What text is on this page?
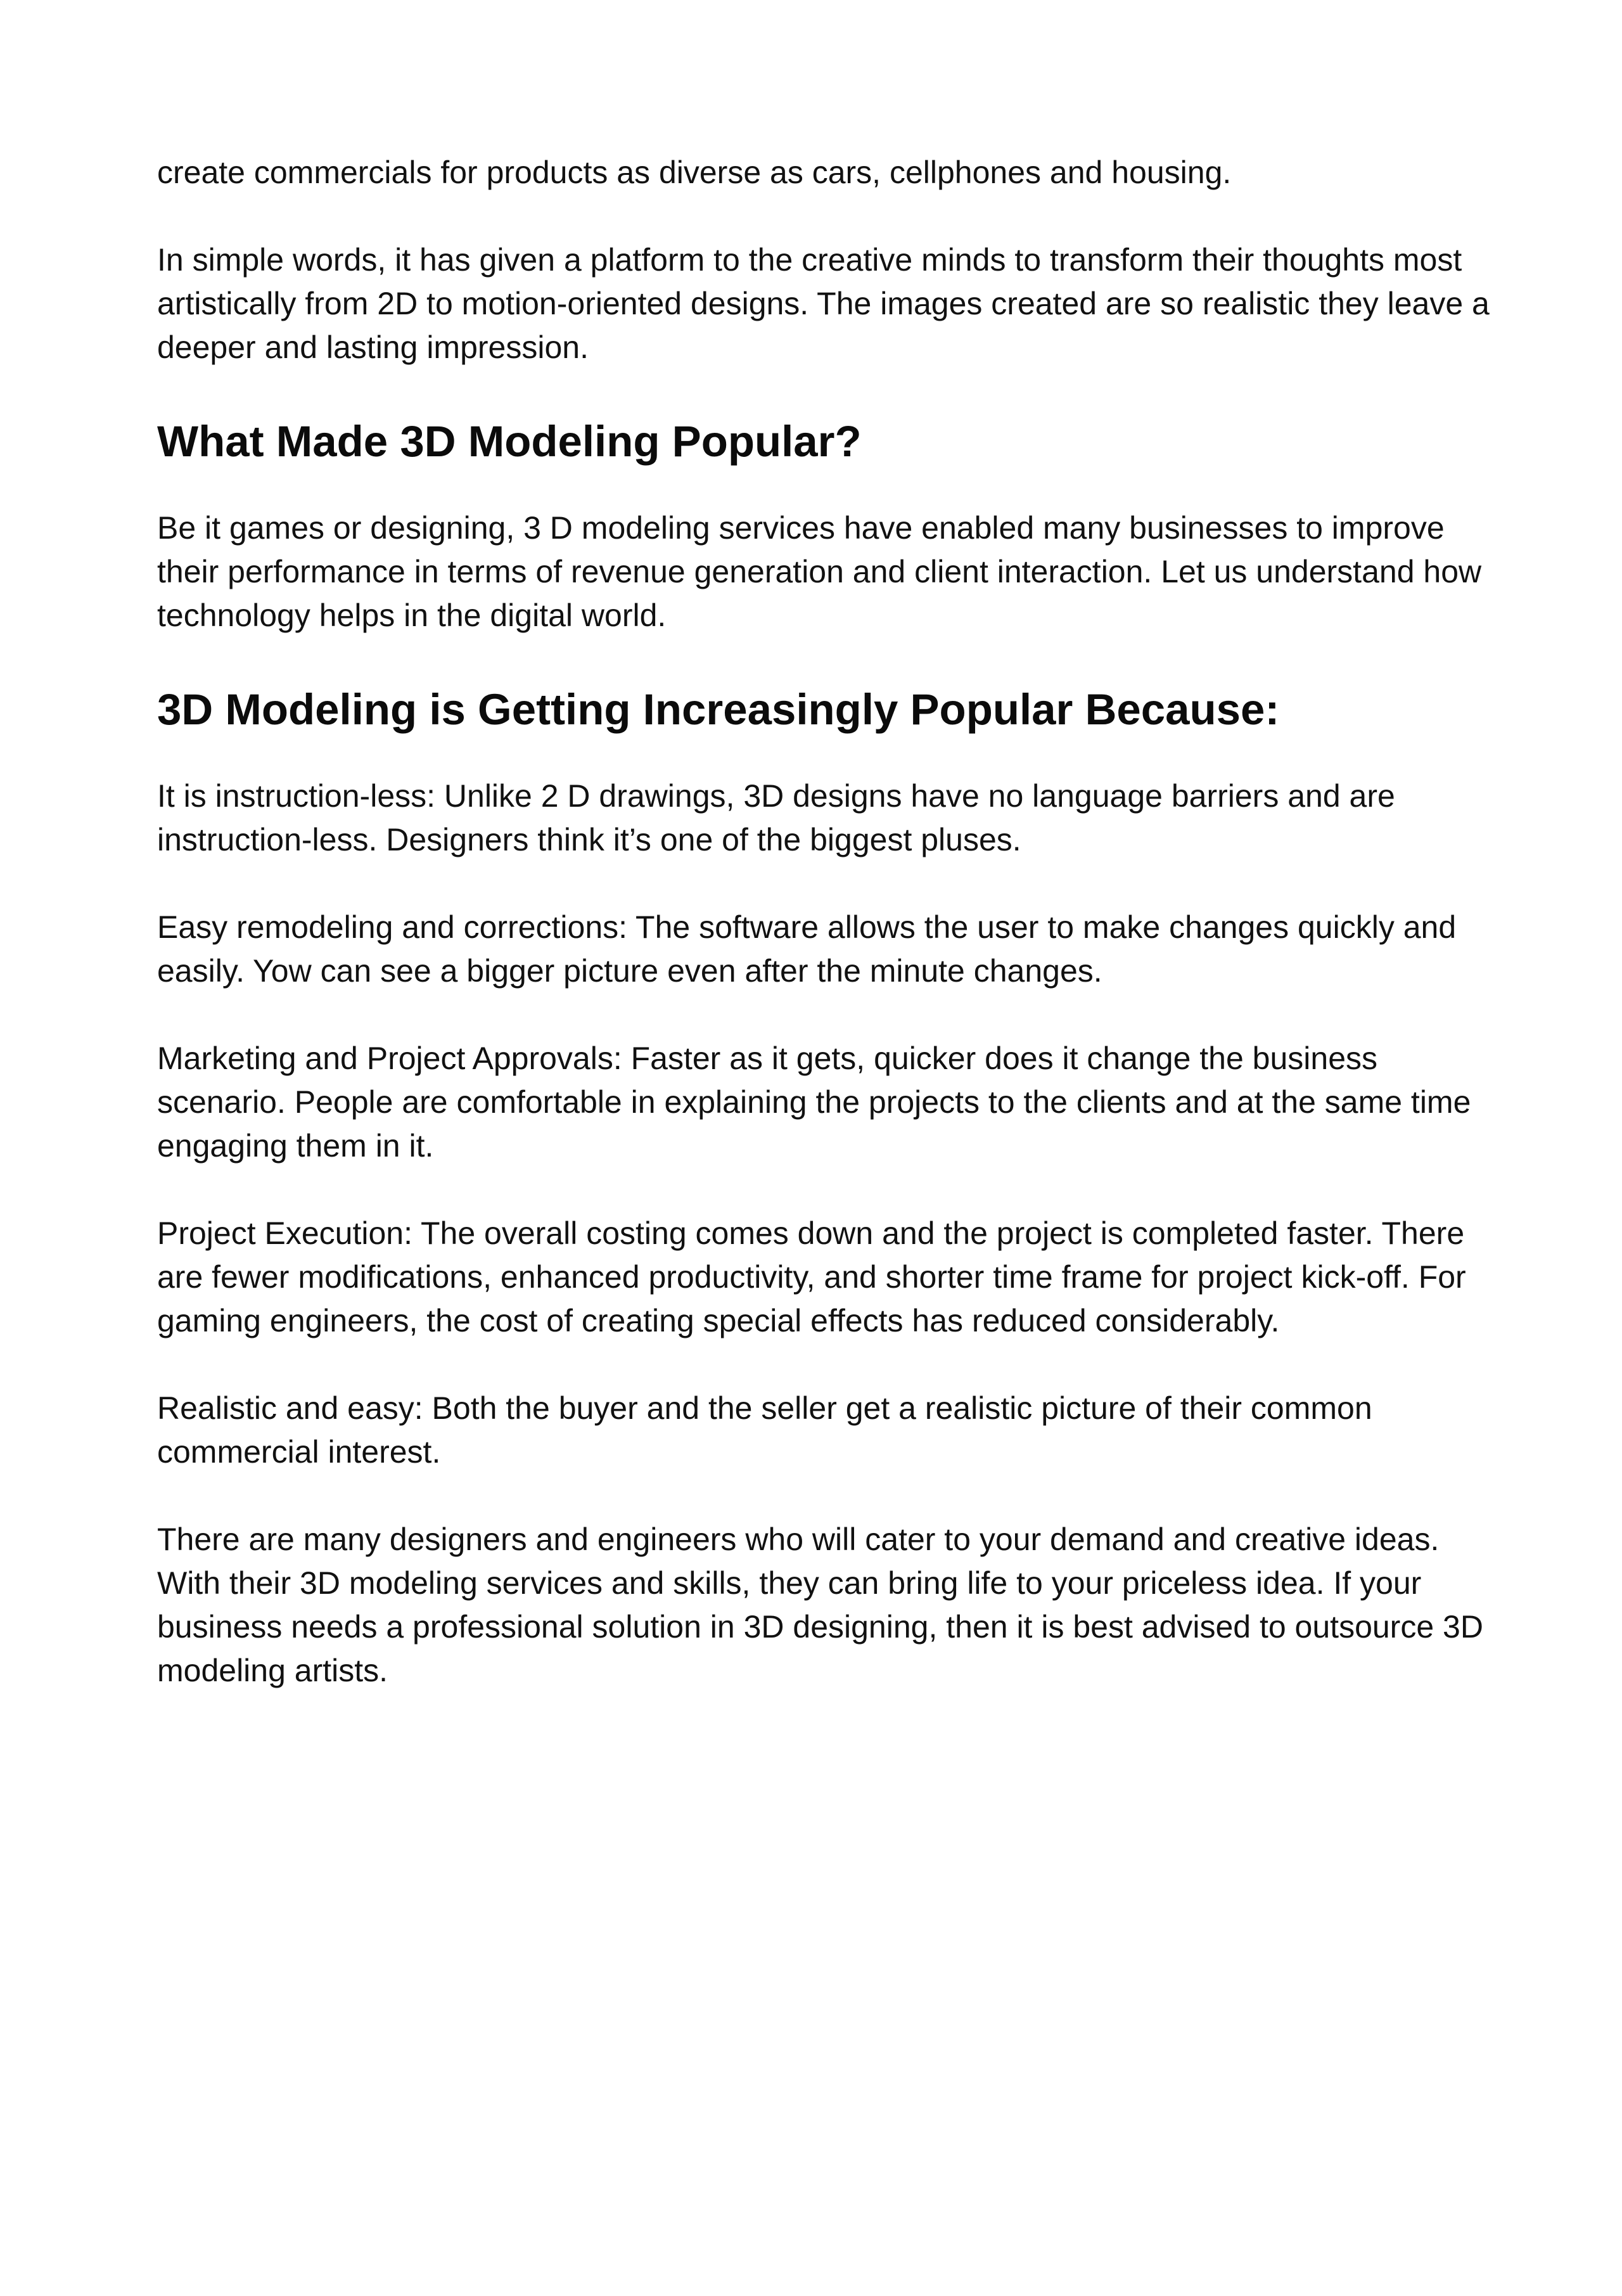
create commercials for products as diverse as cars, cellphones and housing.

In simple words, it has given a platform to the creative minds to transform their thoughts most artistically from 2D to motion-oriented designs. The images created are so realistic they leave a deeper and lasting impression.

What Made 3D Modeling Popular?

Be it games or designing, 3 D modeling services have enabled many businesses to improve their performance in terms of revenue generation and client interaction. Let us understand how technology helps in the digital world.

3D Modeling is Getting Increasingly Popular Because:

It is instruction-less: Unlike 2 D drawings, 3D designs have no language barriers and are instruction-less. Designers think it’s one of the biggest pluses.

Easy remodeling and corrections: The software allows the user to make changes quickly and easily. Yow can see a bigger picture even after the minute changes.

Marketing and Project Approvals: Faster as it gets, quicker does it change the business scenario. People are comfortable in explaining the projects to the clients and at the same time engaging them in it.

Project Execution: The overall costing comes down and the project is completed faster. There are fewer modifications, enhanced productivity, and shorter time frame for project kick-off. For gaming engineers, the cost of creating special effects has reduced considerably.

Realistic and easy: Both the buyer and the seller get a realistic picture of their common commercial interest.

There are many designers and engineers who will cater to your demand and creative ideas. With their 3D modeling services and skills, they can bring life to your priceless idea. If your business needs a professional solution in 3D designing, then it is best advised to outsource 3D modeling artists.
